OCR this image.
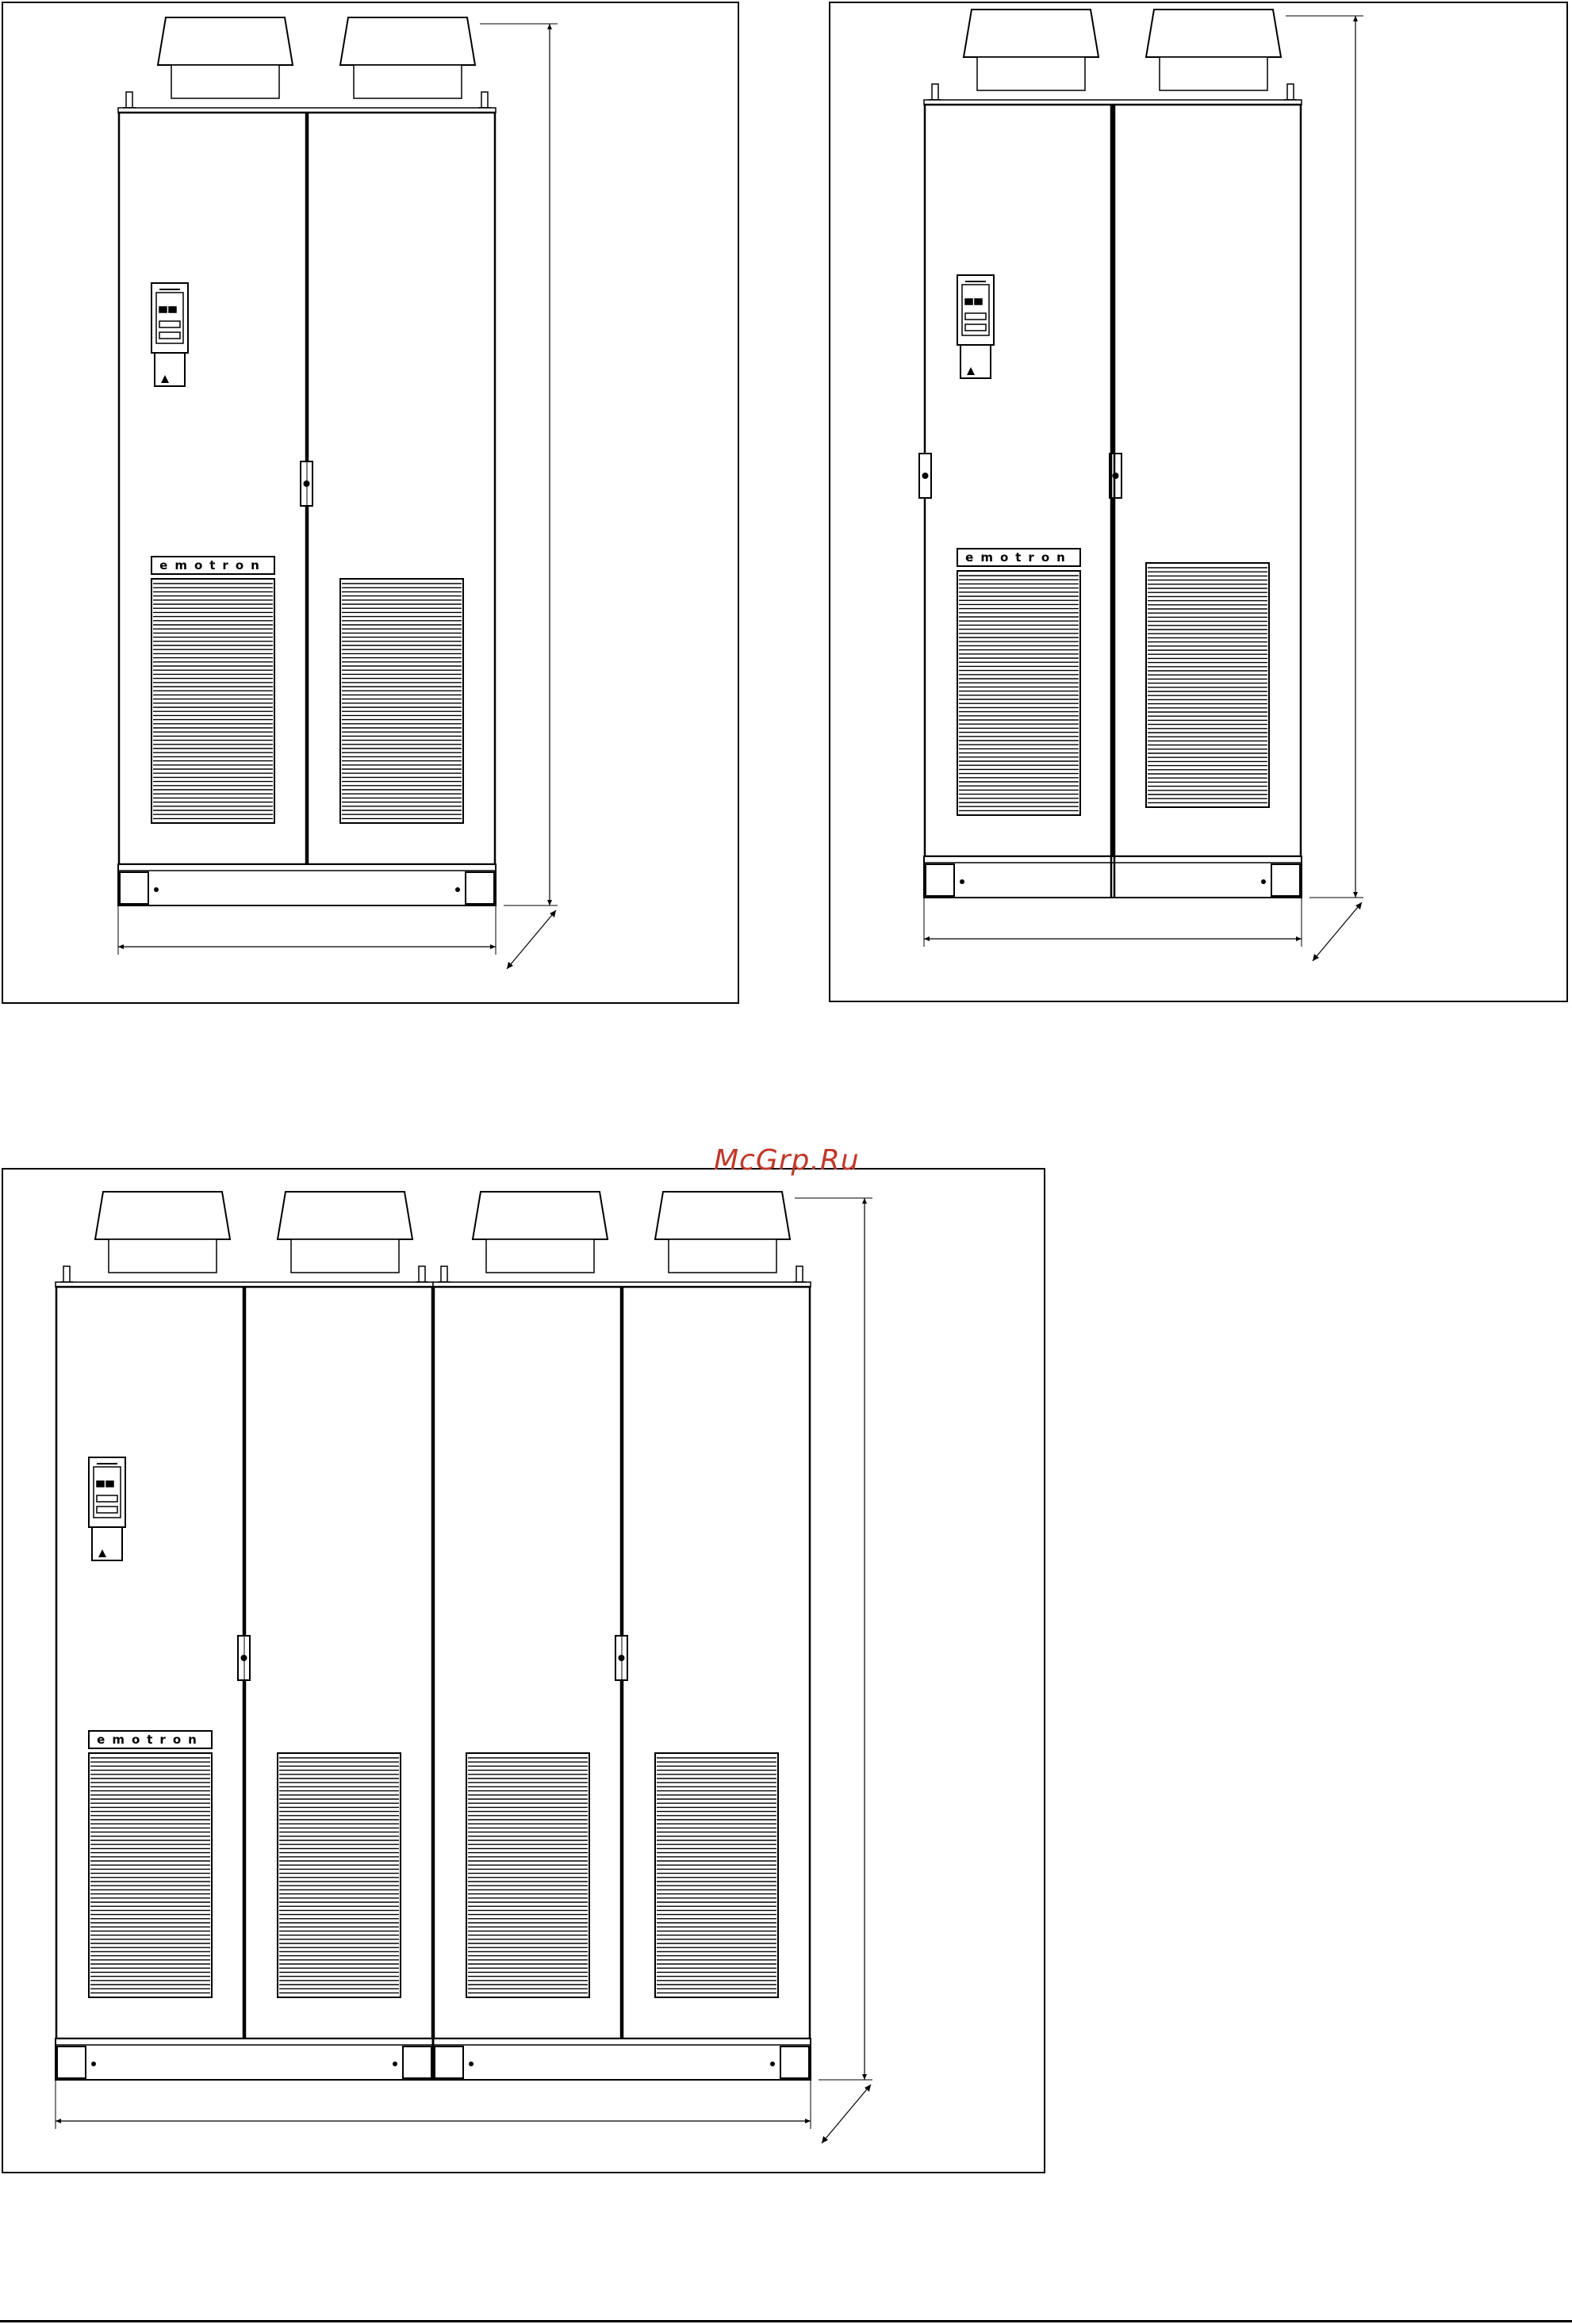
emotron
emotron
emotron
McGrp.Ru
